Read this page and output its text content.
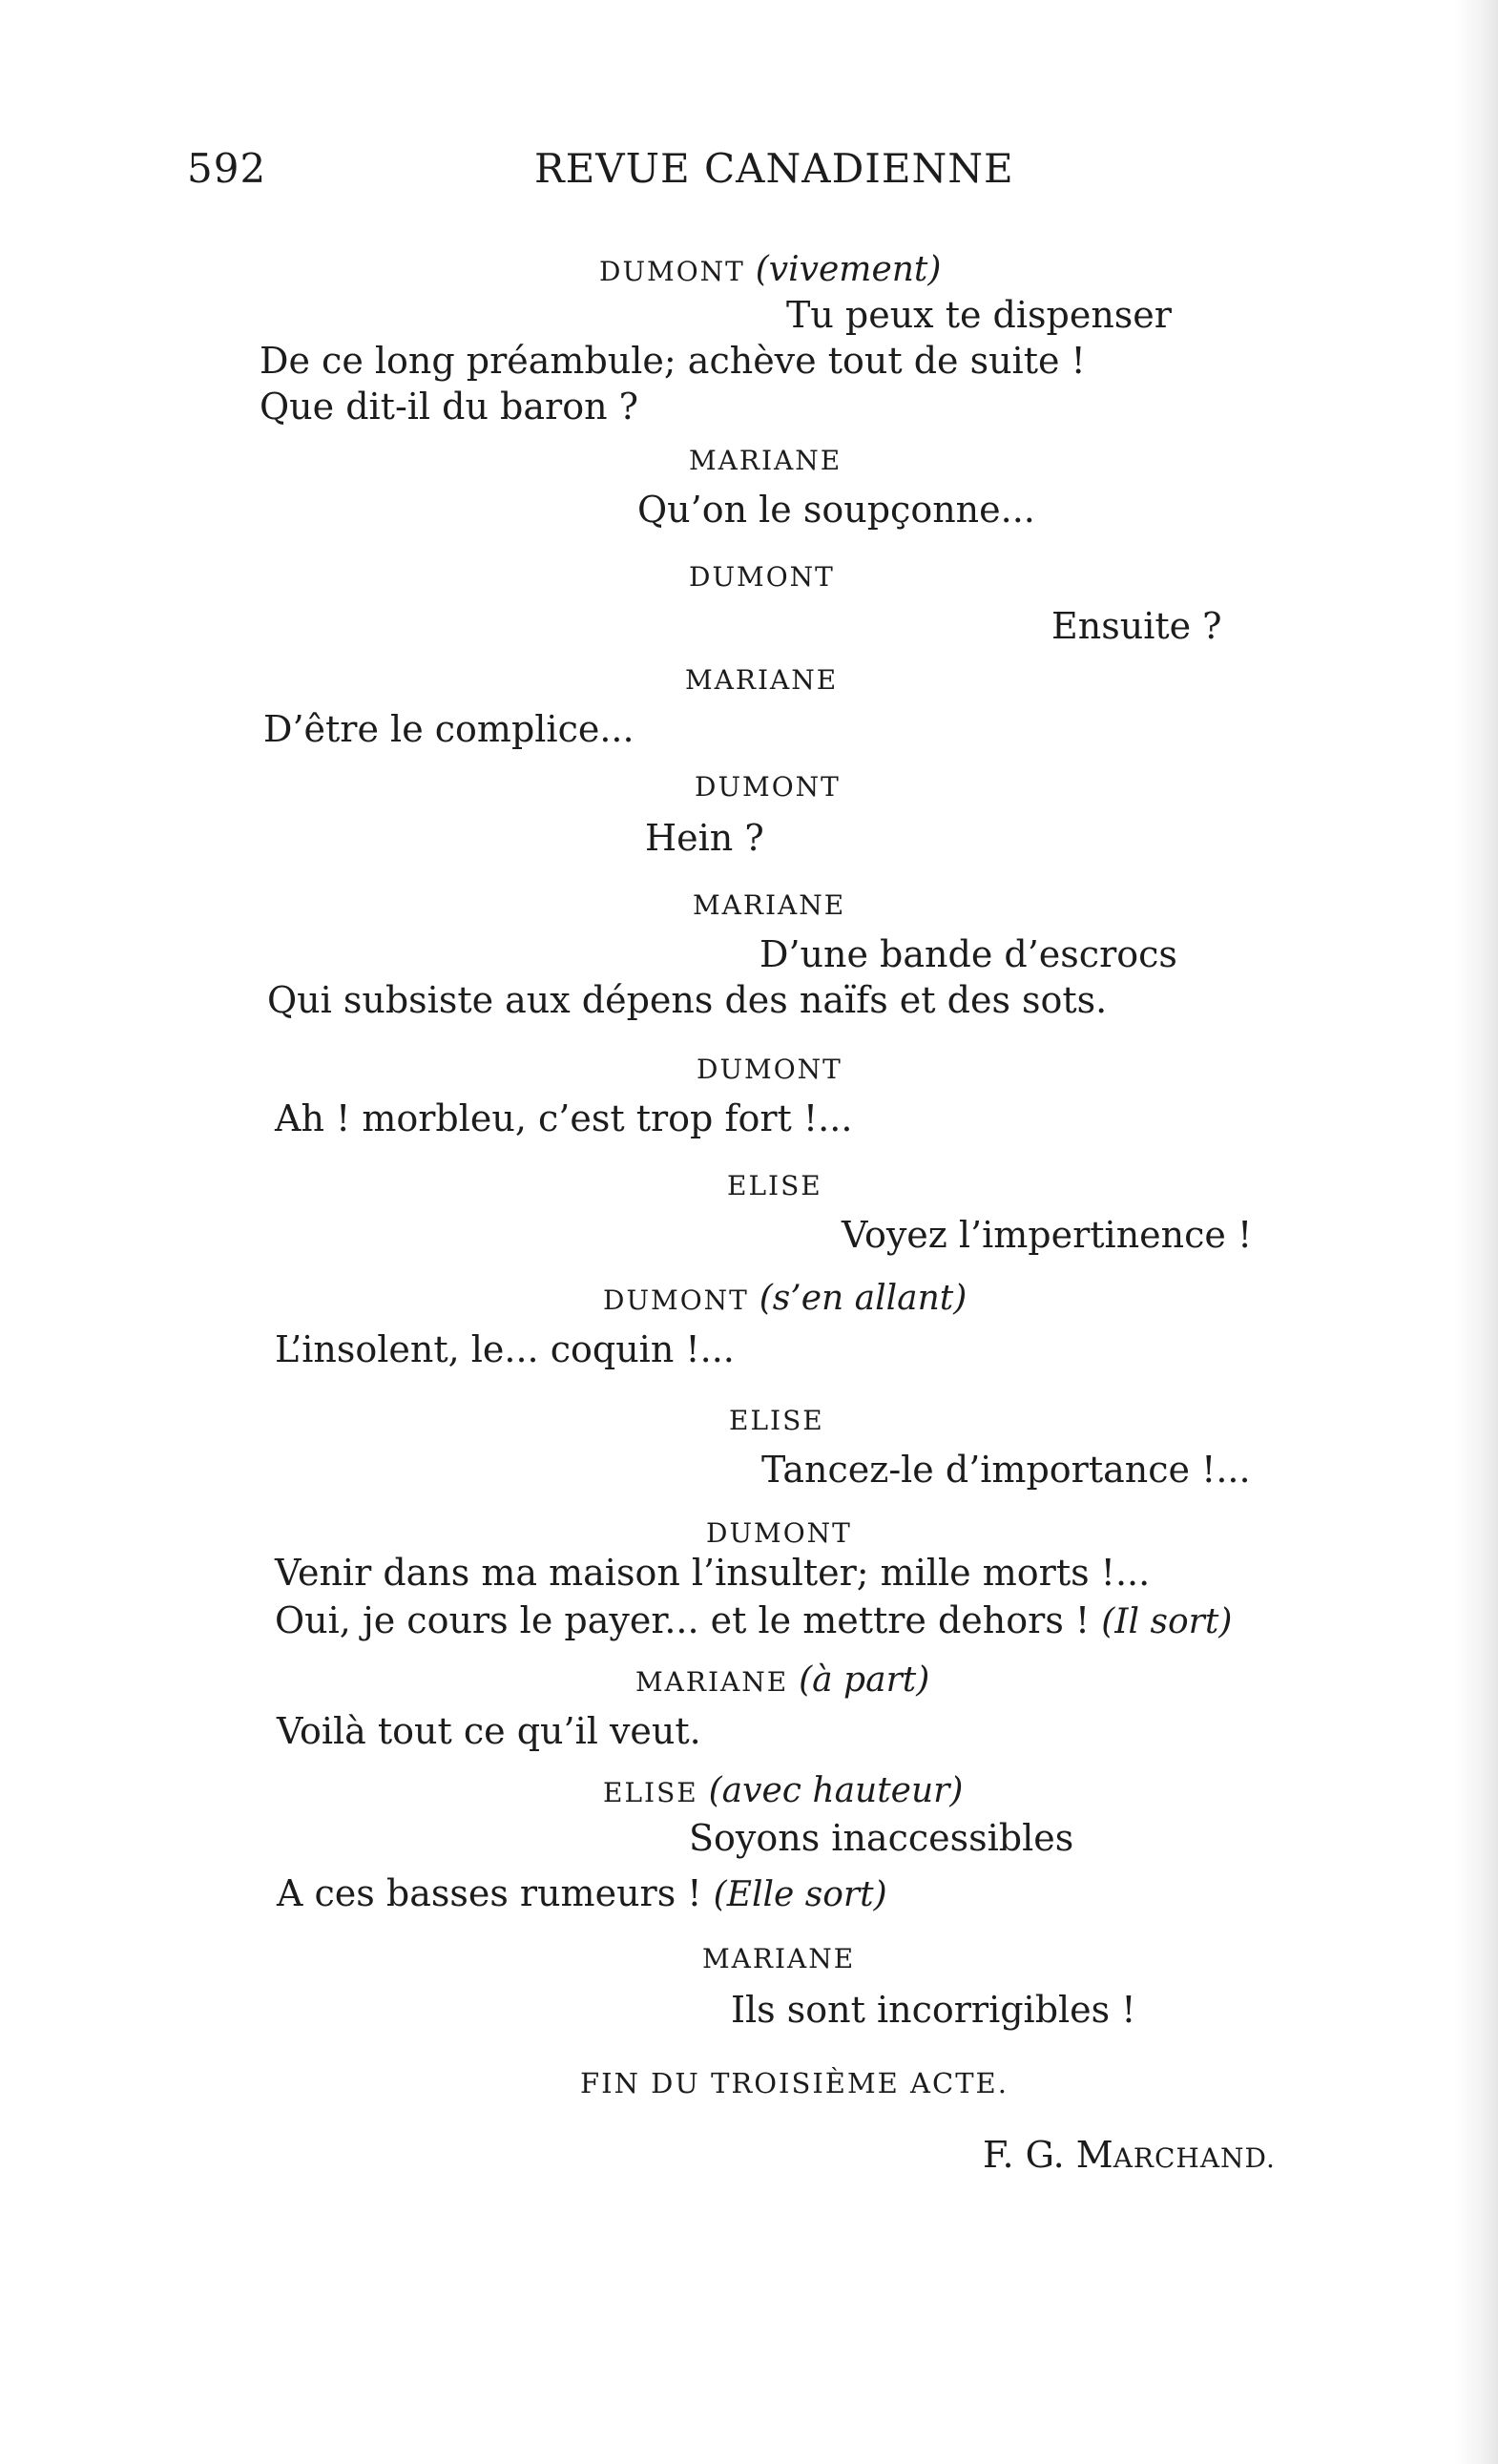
592	REVUE CANADIENNE
DUMONT (vivement)
Tu peux te dispenser
De ce long préambule; achève tout de suite !
Que dit-il du baron ?
MARIANE
Qu’on le soupçonne...
DUMONT
Ensuite ?
MARIANE
D’être le complice...
DUMONT
Hein ?
MARIANE
D’une bande d’escrocs
Qui subsiste aux dépens des naïfs et des sots.
DUMONT
Ah ! morbleu, c’est trop fort !...
ELISE
Voyez l’impertinence !
DUMONT (s’en allant)
L’insolent, le... coquin !...
ELISE
Tancez-le d’importance !...
DUMONT
Venir dans ma maison l’insulter; mille morts !...
Oui, je cours le payer... et le mettre dehors ! (Il sort)
MARIANE (à part)
Voilà tout ce qu’il veut.
ELISE (avec hauteur)
Soyons inaccessibles
A ces basses rumeurs ! (Elle sort)
MARIANE
Ils sont incorrigibles !
FIN DU TROISIÈME ACTE.
F. G. MARCHAND.
